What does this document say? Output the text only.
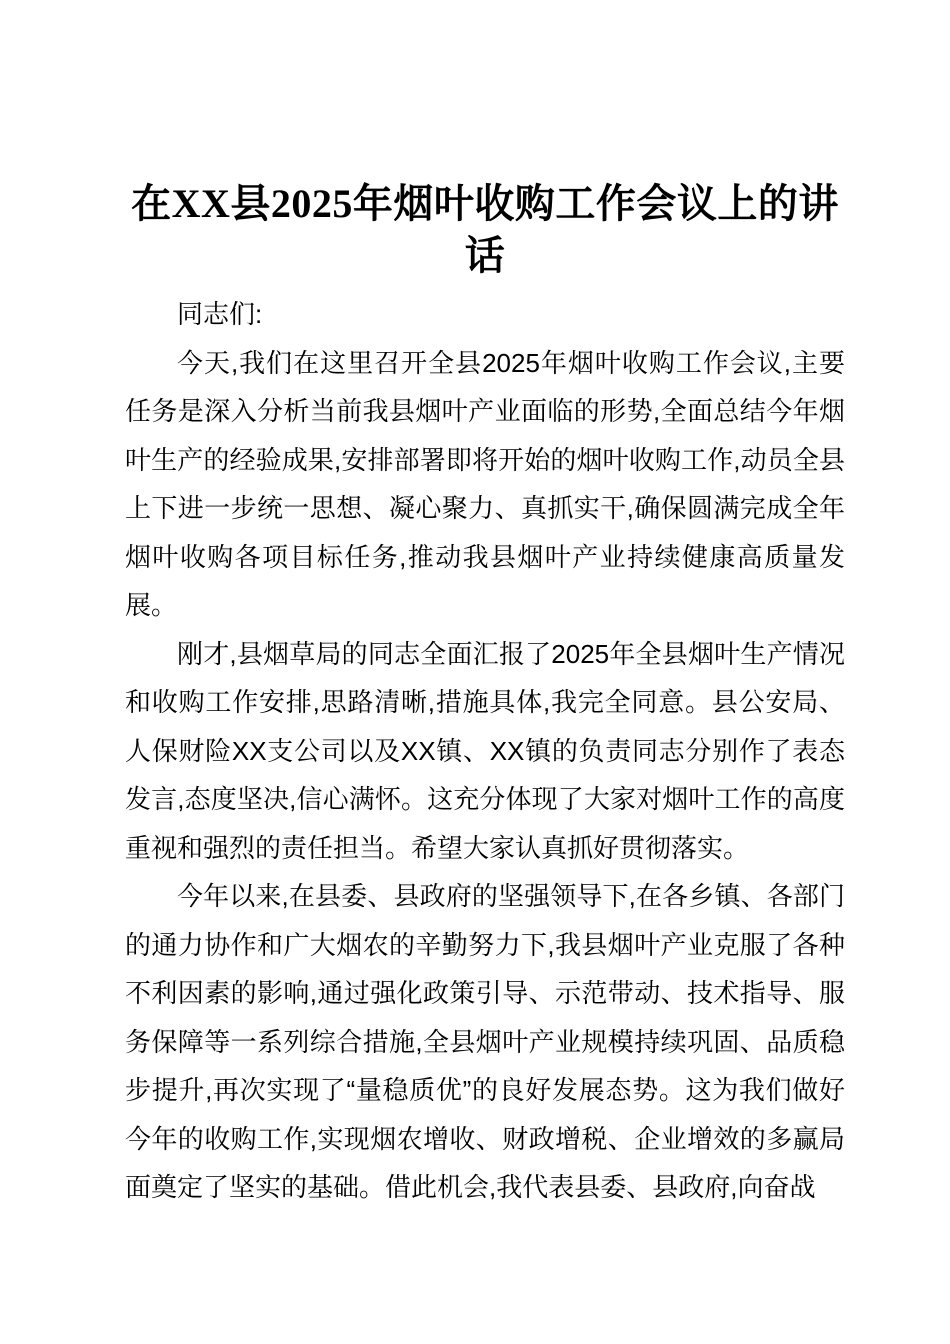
在XX县2025年烟叶收购工作会议上的讲话

同志们:

今天,我们在这里召开全县2025年烟叶收购工作会议,主要任务是深入分析当前我县烟叶产业面临的形势,全面总结今年烟叶生产的经验成果,安排部署即将开始的烟叶收购工作,动员全县上下进一步统一思想、凝心聚力、真抓实干,确保圆满完成全年烟叶收购各项目标任务,推动我县烟叶产业持续健康高质量发展。

刚才,县烟草局的同志全面汇报了2025年全县烟叶生产情况和收购工作安排,思路清晰,措施具体,我完全同意。县公安局、人保财险XX支公司以及XX镇、XX镇的负责同志分别作了表态发言,态度坚决,信心满怀。这充分体现了大家对烟叶工作的高度重视和强烈的责任担当。希望大家认真抓好贯彻落实。

今年以来,在县委、县政府的坚强领导下,在各乡镇、各部门的通力协作和广大烟农的辛勤努力下,我县烟叶产业克服了各种不利因素的影响,通过强化政策引导、示范带动、技术指导、服务保障等一系列综合措施,全县烟叶产业规模持续巩固、品质稳步提升,再次实现了“量稳质优”的良好发展态势。这为我们做好今年的收购工作,实现烟农增收、财政增税、企业增效的多赢局面奠定了坚实的基础。借此机会,我代表县委、县政府,向奋战
